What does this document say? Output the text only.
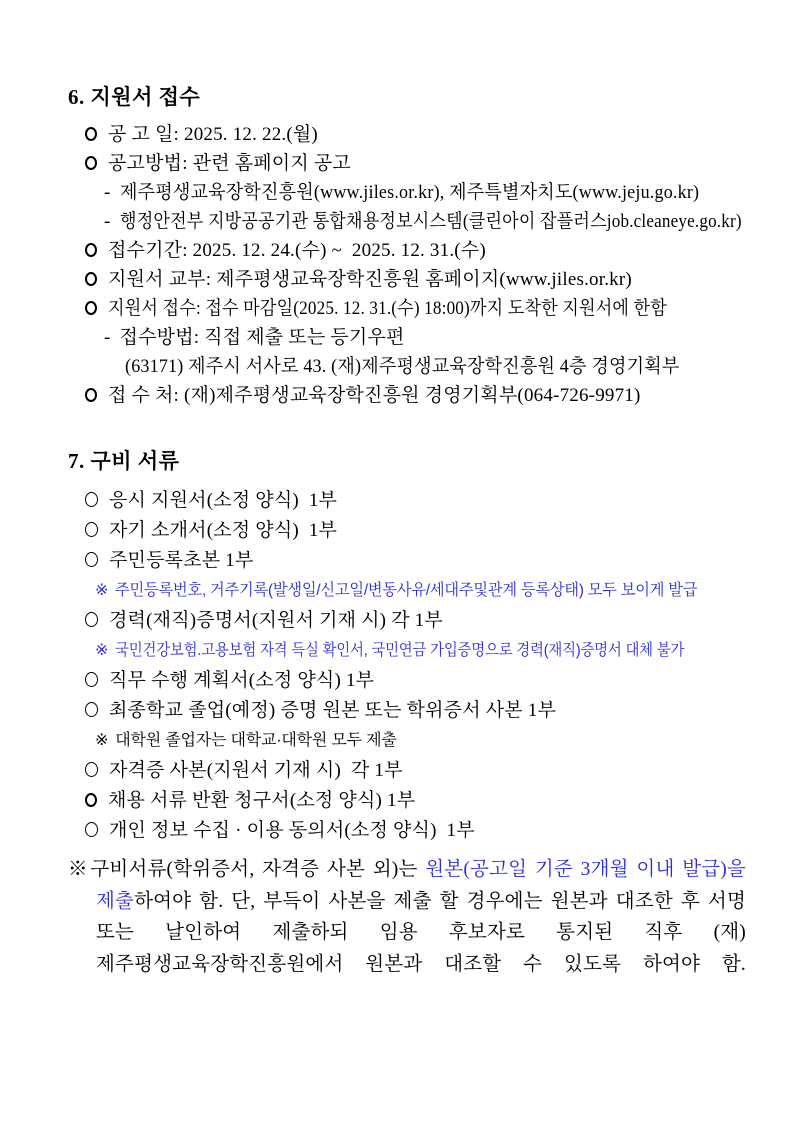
6. 지원서 접수
공 고 일: 2025. 12. 22.(월)
공고방법: 관련 홈페이지 공고
- 제주평생교육장학진흥원(www.jiles.or.kr), 제주특별자치도(www.jeju.go.kr)
- 행정안전부 지방공공기관 통합채용정보시스템(클린아이 잡플러스job.cleaneye.go.kr)
접수기간: 2025. 12. 24.(수) ~  2025. 12. 31.(수)
지원서 교부: 제주평생교육장학진흥원 홈페이지(www.jiles.or.kr)
지원서 접수: 접수 마감일(2025. 12. 31.(수) 18:00)까지 도착한 지원서에 한함
- 접수방법: 직접 제출 또는 등기우편
(63171) 제주시 서사로 43. (재)제주평생교육장학진흥원 4층 경영기획부
접 수 처: (재)제주평생교육장학진흥원 경영기획부(064-726-9971)
7. 구비 서류
응시 지원서(소정 양식)  1부
자기 소개서(소정 양식)  1부
주민등록초본 1부
※ 주민등록번호, 거주기록(발생일/신고일/변동사유/세대주및관계 등록상태) 모두 보이게 발급
경력(재직)증명서(지원서 기재 시) 각 1부
※ 국민건강보험.고용보험 자격 득실 확인서, 국민연금 가입증명으로 경력(재직)증명서 대체 불가
직무 수행 계획서(소정 양식) 1부
최종학교 졸업(예정) 증명 원본 또는 학위증서 사본 1부
※ 대학원 졸업자는 대학교·대학원 모두 제출
자격증 사본(지원서 기재 시)  각 1부
채용 서류 반환 청구서(소정 양식) 1부
개인 정보 수집 · 이용 동의서(소정 양식)  1부
※구비서류(학위증서, 자격증 사본 외)는 원본(공고일 기준 3개월 이내 발급)을 제출하여야 함. 단, 부득이 사본을 제출 할 경우에는 원본과 대조한 후 서명 또는 날인하여 제출하되 임용 후보자로 통지된 직후 (재)제주평생교육장학진흥원에서 원본과 대조할 수 있도록 하여야 함.
